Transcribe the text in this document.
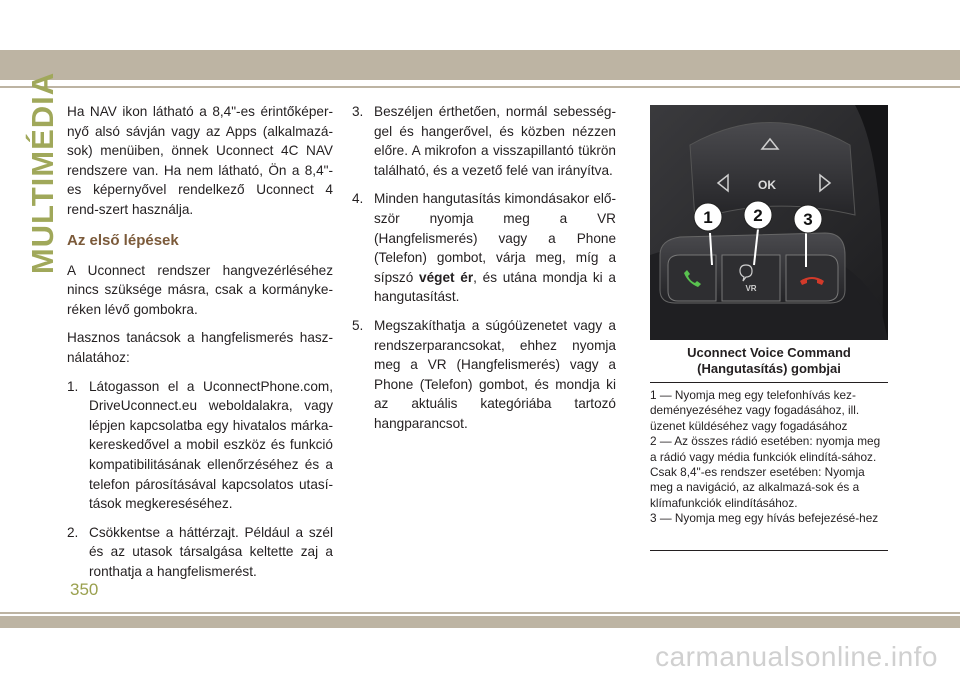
MULTIMÉDIA Ha NAV ikon látható a 8,4"-es érintőképer-nyő alsó sávján vagy az Apps (alkalmazá-sok) menüiben, önnek Uconnect 4C NAV rendszere van. Ha nem látható, Ön a 8,4"-es képernyővel rendelkező Uconnect 4 rend-szert használja.

Az első lépések

A Uconnect rendszer hangvezérléséhez nincs szüksége másra, csak a kormányke-réken lévő gombokra.

Hasznos tanácsok a hangfelismerés hasz-nálatához:

1. Látogasson el a UconnectPhone.com, DriveUconnect.eu weboldalakra, vagy lépjen kapcsolatba egy hivatalos márka-kereskedővel a mobil eszköz és funkció kompatibilitásának ellenőrzéséhez és a telefon párosításával kapcsolatos utasí-tások megkereséséhez.
2. Csökkentse a háttérzajt. Például a szél és az utasok társalgása keltette zaj a ronthatja a hangfelismerést.
3. Beszéljen érthetően, normál sebesség-gel és hangerővel, és közben nézzen előre. A mikrofon a visszapillantó tükrön található, és a vezető felé van irányítva.
4. Minden hangutasítás kimondásakor elő-ször nyomja meg a VR (Hangfelismerés) vagy a Phone (Telefon) gombot, várja meg, míg a sípszó véget ér, és utána mondja ki a hangutasítást.
5. Megszakíthatja a súgóüzenetet vagy a rendszerparancsokat, ehhez nyomja meg a VR (Hangfelismerés) vagy a Phone (Telefon) gombot, és mondja ki az aktuális kategóriába tartozó hangparancsot.
OK
VR
1 2 3
Uconnect Voice Command
(Hangutasítás) gombjai

1 — Nyomja meg egy telefonhívás kez-deményezéséhez vagy fogadásához, ill. üzenet küldéséhez vagy fogadásához

2 — Az összes rádió esetében: nyomja meg a rádió vagy média funkciók elindítá-sához. Csak 8,4"-es rendszer esetében: Nyomja meg a navigáció, az alkalmazá-sok és a klímafunkciók elindításához.

3 — Nyomja meg egy hívás befejezésé-hez

350
carmanualsonline.info
